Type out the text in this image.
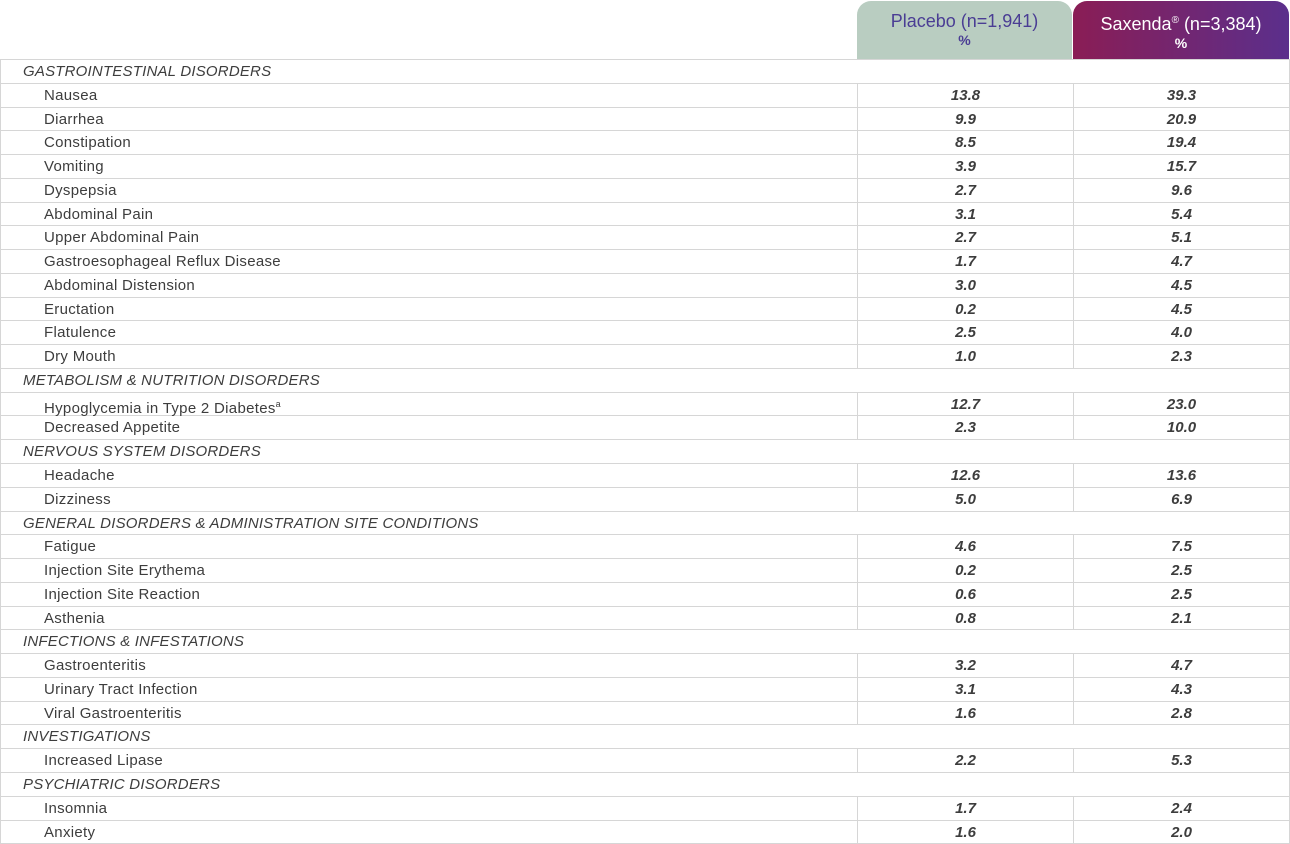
Placebo (n=1,941)
%
Saxenda® (n=3,384)
%
GASTROINTESTINAL DISORDERS
Nausea	13.8	39.3
Diarrhea	9.9	20.9
Constipation	8.5	19.4
Vomiting	3.9	15.7
Dyspepsia	2.7	9.6
Abdominal Pain	3.1	5.4
Upper Abdominal Pain	2.7	5.1
Gastroesophageal Reflux Disease	1.7	4.7
Abdominal Distension	3.0	4.5
Eructation	0.2	4.5
Flatulence	2.5	4.0
Dry Mouth	1.0	2.3
METABOLISM & NUTRITION DISORDERS
Hypoglycemia in Type 2 Diabetes$^a$	12.7	23.0
Decreased Appetite	2.3	10.0
NERVOUS SYSTEM DISORDERS
Headache	12.6	13.6
Dizziness	5.0	6.9
GENERAL DISORDERS & ADMINISTRATION SITE CONDITIONS
Fatigue	4.6	7.5
Injection Site Erythema	0.2	2.5
Injection Site Reaction	0.6	2.5
Asthenia	0.8	2.1
INFECTIONS & INFESTATIONS
Gastroenteritis	3.2	4.7
Urinary Tract Infection	3.1	4.3
Viral Gastroenteritis	1.6	2.8
INVESTIGATIONS
Increased Lipase	2.2	5.3
PSYCHIATRIC DISORDERS
Insomnia	1.7	2.4
Anxiety	1.6	2.0
